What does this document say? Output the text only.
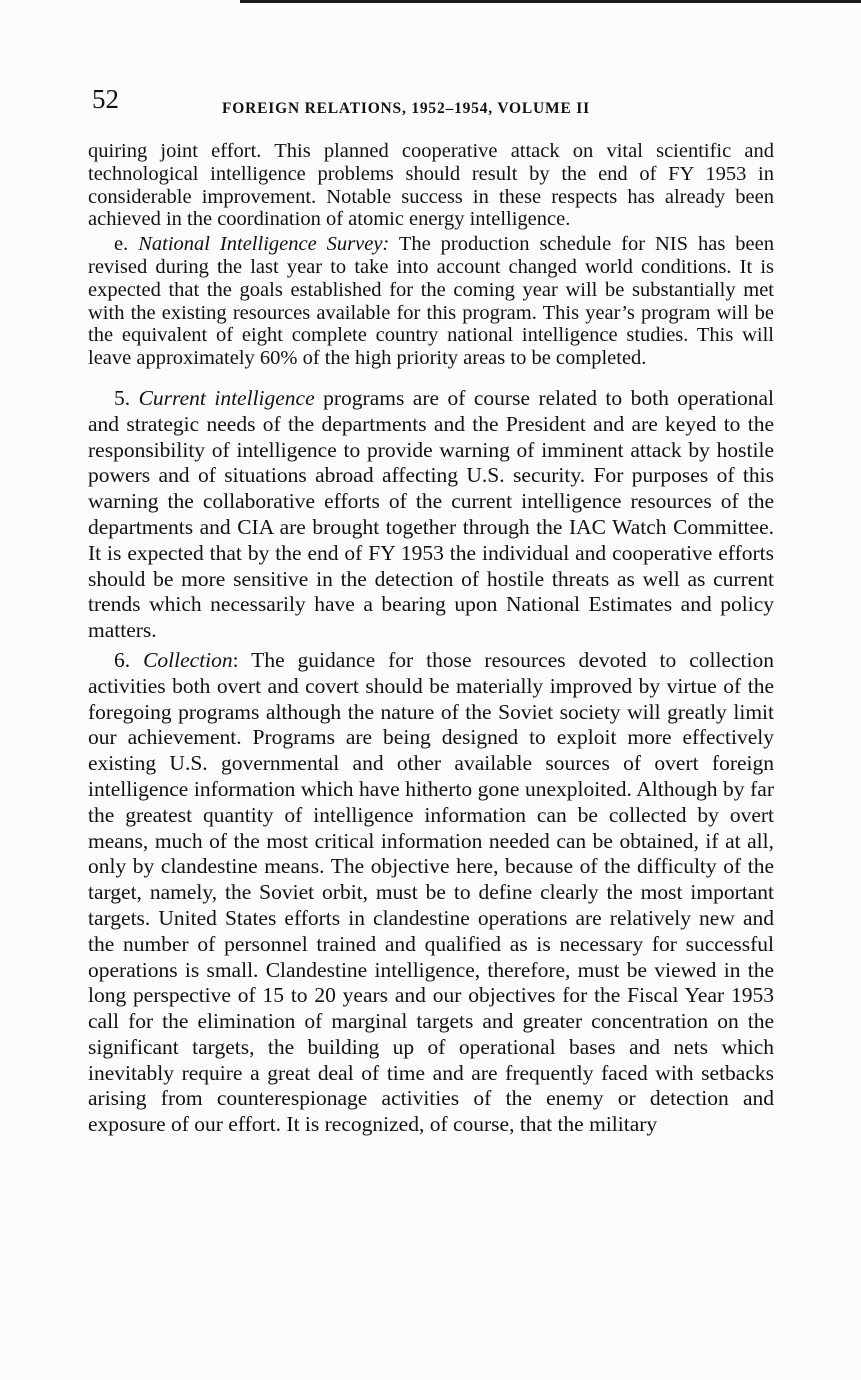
52	FOREIGN RELATIONS, 1952–1954, VOLUME II

quiring joint effort. This planned cooperative attack on vital scientific and technological intelligence problems should result by the end of FY 1953 in considerable improvement. Notable success in these respects has already been achieved in the coordination of atomic energy intelligence.

e. National Intelligence Survey: The production schedule for NIS has been revised during the last year to take into account changed world conditions. It is expected that the goals established for the coming year will be substantially met with the existing resources available for this program. This year’s program will be the equivalent of eight complete country national intelligence studies. This will leave approximately 60% of the high priority areas to be completed.

5. Current intelligence programs are of course related to both operational and strategic needs of the departments and the President and are keyed to the responsibility of intelligence to provide warning of imminent attack by hostile powers and of situations abroad affecting U.S. security. For purposes of this warning the collaborative efforts of the current intelligence resources of the departments and CIA are brought together through the IAC Watch Committee. It is expected that by the end of FY 1953 the individual and cooperative efforts should be more sensitive in the detection of hostile threats as well as current trends which necessarily have a bearing upon National Estimates and policy matters.

6. Collection: The guidance for those resources devoted to collection activities both overt and covert should be materially improved by virtue of the foregoing programs although the nature of the Soviet society will greatly limit our achievement. Programs are being designed to exploit more effectively existing U.S. governmental and other available sources of overt foreign intelligence information which have hitherto gone unexploited. Although by far the greatest quantity of intelligence information can be collected by overt means, much of the most critical information needed can be obtained, if at all, only by clandestine means. The objective here, because of the difficulty of the target, namely, the Soviet orbit, must be to define clearly the most important targets. United States efforts in clandestine operations are relatively new and the number of personnel trained and qualified as is necessary for successful operations is small. Clandestine intelligence, therefore, must be viewed in the long perspective of 15 to 20 years and our objectives for the Fiscal Year 1953 call for the elimination of marginal targets and greater concentration on the significant targets, the building up of operational bases and nets which inevitably require a great deal of time and are frequently faced with setbacks arising from counterespionage activities of the enemy or detection and exposure of our effort. It is recognized, of course, that the military
